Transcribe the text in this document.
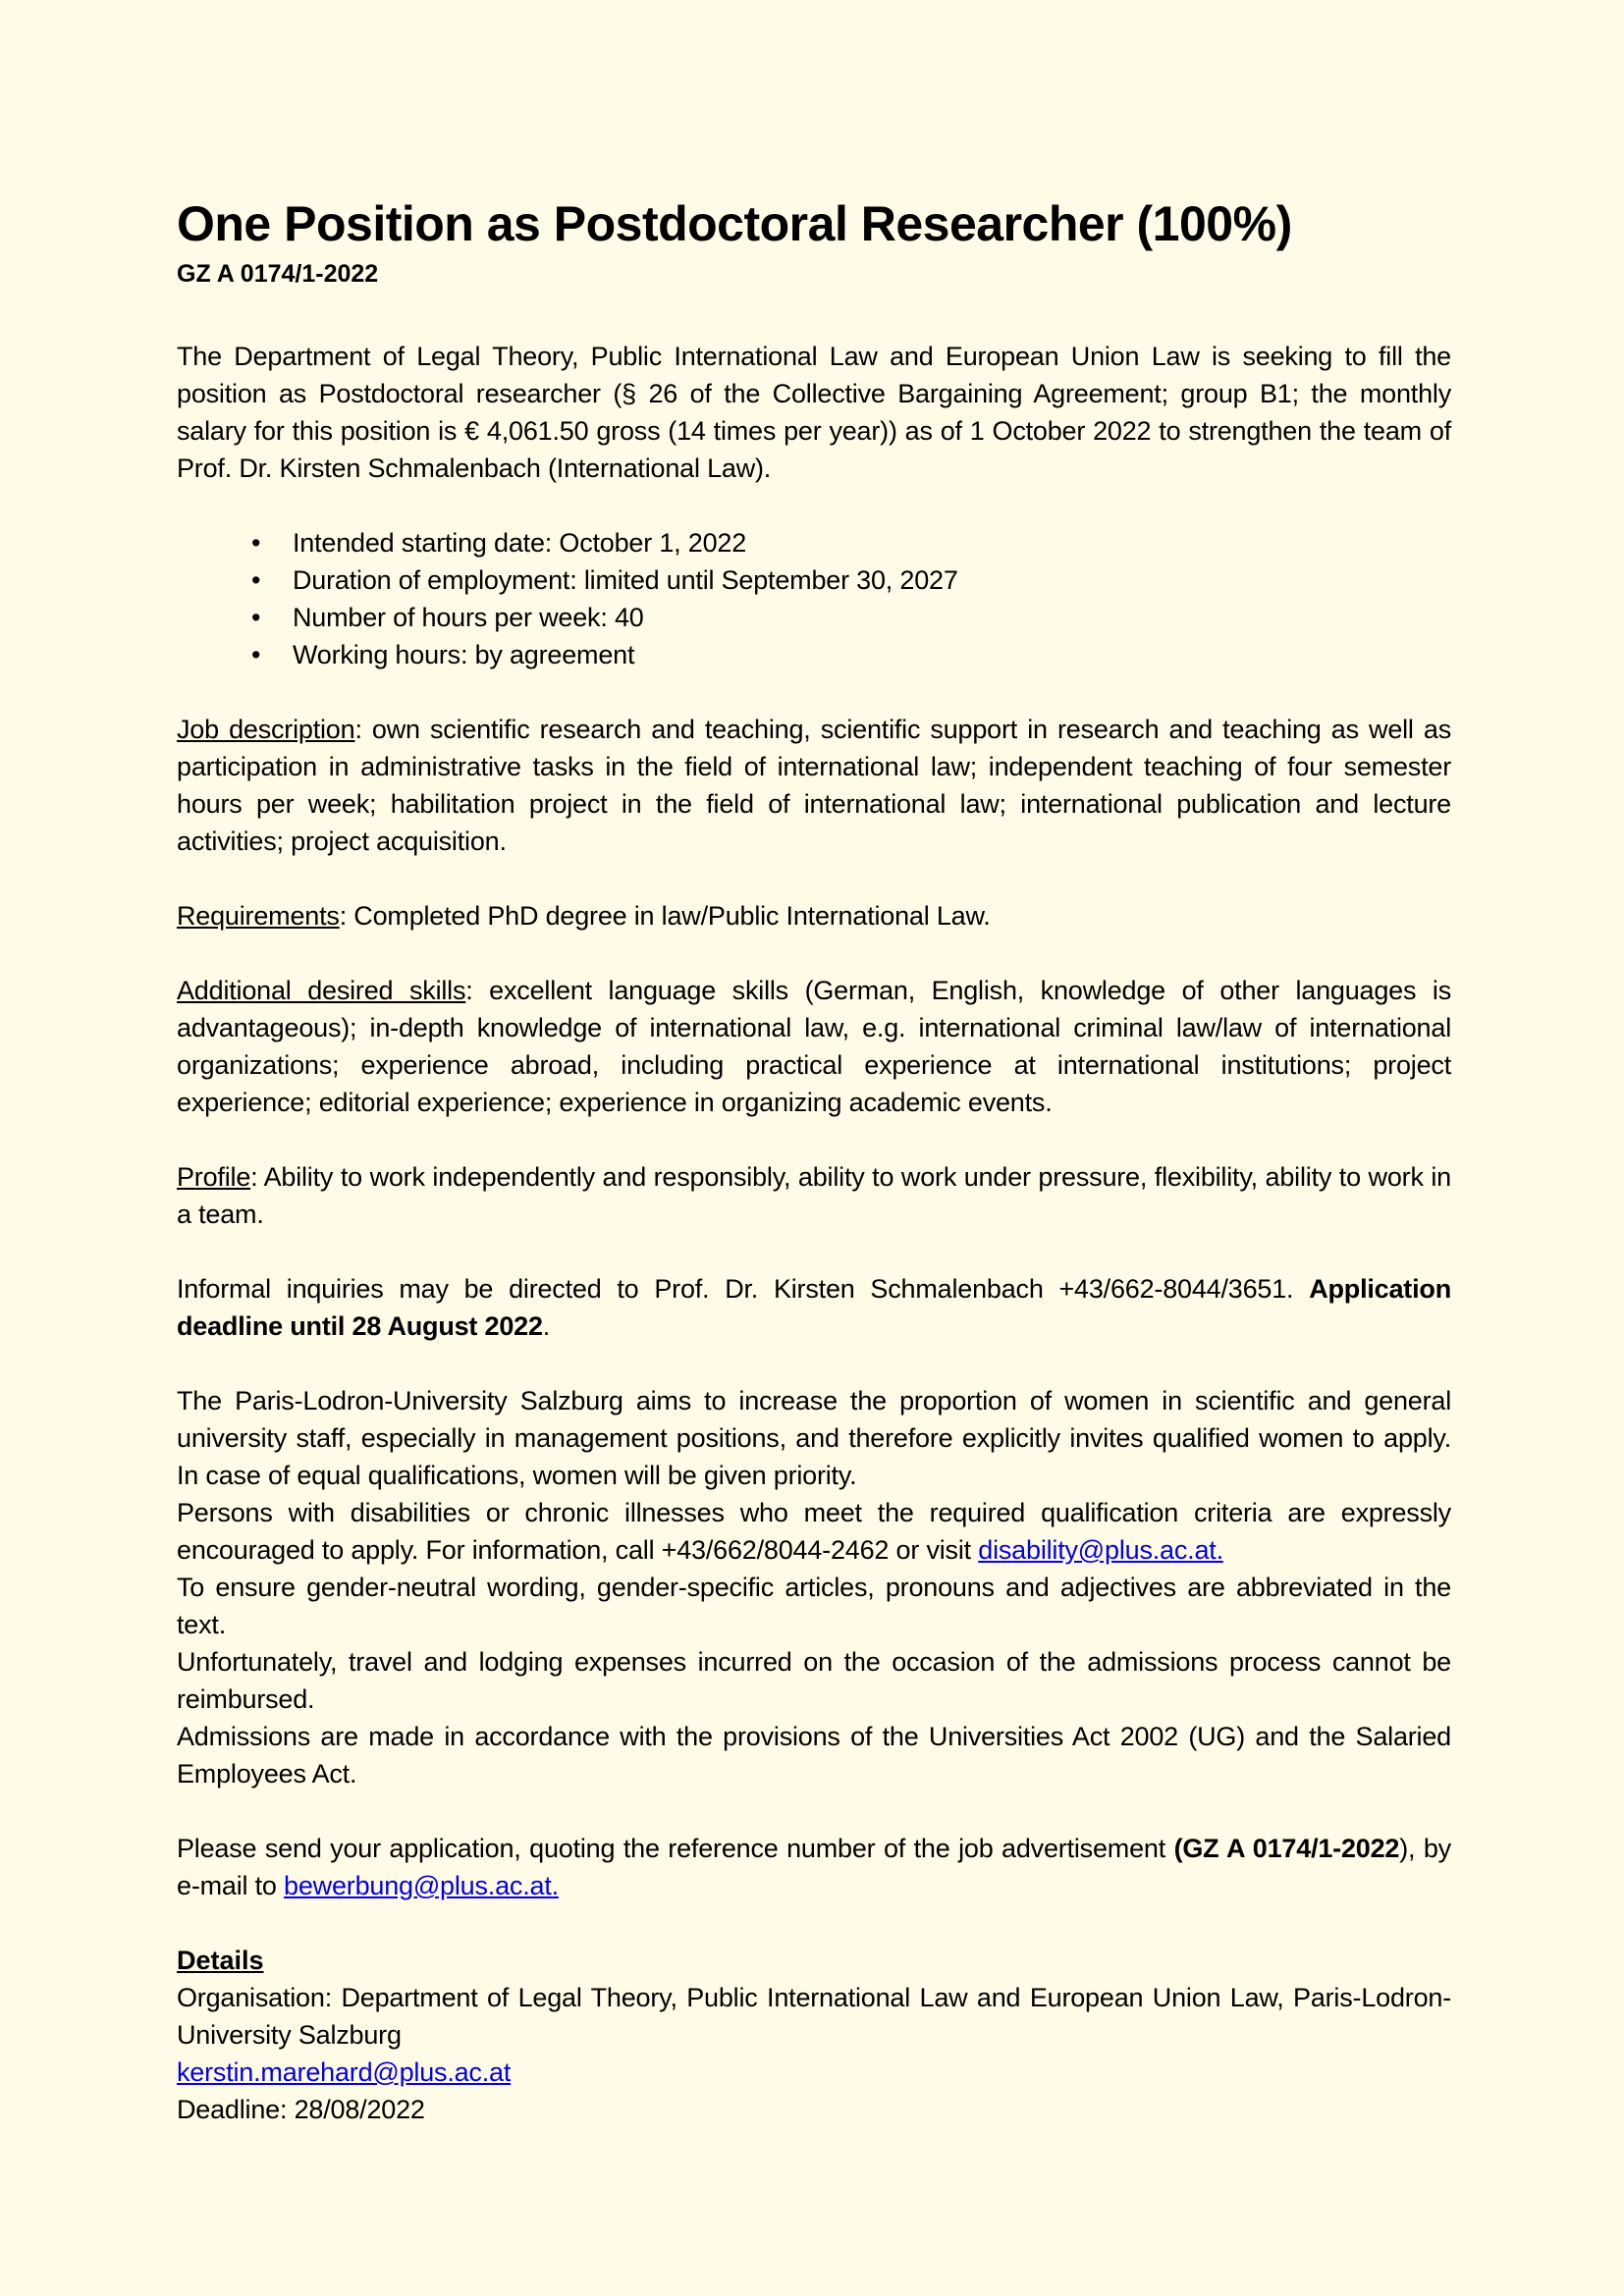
One Position as Postdoctoral Researcher (100%)
GZ A 0174/1-2022

The Department of Legal Theory, Public International Law and European Union Law is seeking to fill the position as Postdoctoral researcher (§ 26 of the Collective Bargaining Agreement; group B1; the monthly salary for this position is € 4,061.50 gross (14 times per year)) as of 1 October 2022 to strengthen the team of Prof. Dr. Kirsten Schmalenbach (International Law).

• Intended starting date: October 1, 2022
• Duration of employment: limited until September 30, 2027
• Number of hours per week: 40
• Working hours: by agreement

Job description: own scientific research and teaching, scientific support in research and teaching as well as participation in administrative tasks in the field of international law; independent teaching of four semester hours per week; habilitation project in the field of international law; international publication and lecture activities; project acquisition.

Requirements: Completed PhD degree in law/Public International Law.

Additional desired skills: excellent language skills (German, English, knowledge of other languages is advantageous); in-depth knowledge of international law, e.g. international criminal law/law of international organizations; experience abroad, including practical experience at international institutions; project experience; editorial experience; experience in organizing academic events.

Profile: Ability to work independently and responsibly, ability to work under pressure, flexibility, ability to work in a team.

Informal inquiries may be directed to Prof. Dr. Kirsten Schmalenbach +43/662-8044/3651. Application deadline until 28 August 2022.

The Paris-Lodron-University Salzburg aims to increase the proportion of women in scientific and general university staff, especially in management positions, and therefore explicitly invites qualified women to apply. In case of equal qualifications, women will be given priority.

Persons with disabilities or chronic illnesses who meet the required qualification criteria are expressly encouraged to apply. For information, call +43/662/8044-2462 or visit disability@plus.ac.at.

To ensure gender-neutral wording, gender-specific articles, pronouns and adjectives are abbreviated in the text.

Unfortunately, travel and lodging expenses incurred on the occasion of the admissions process cannot be reimbursed.

Admissions are made in accordance with the provisions of the Universities Act 2002 (UG) and the Salaried Employees Act.

Please send your application, quoting the reference number of the job advertisement (GZ A 0174/1-2022), by e-mail to bewerbung@plus.ac.at.

Details

Organisation: Department of Legal Theory, Public International Law and European Union Law, Paris-Lodron-University Salzburg

kerstin.marehard@plus.ac.at

Deadline: 28/08/2022
